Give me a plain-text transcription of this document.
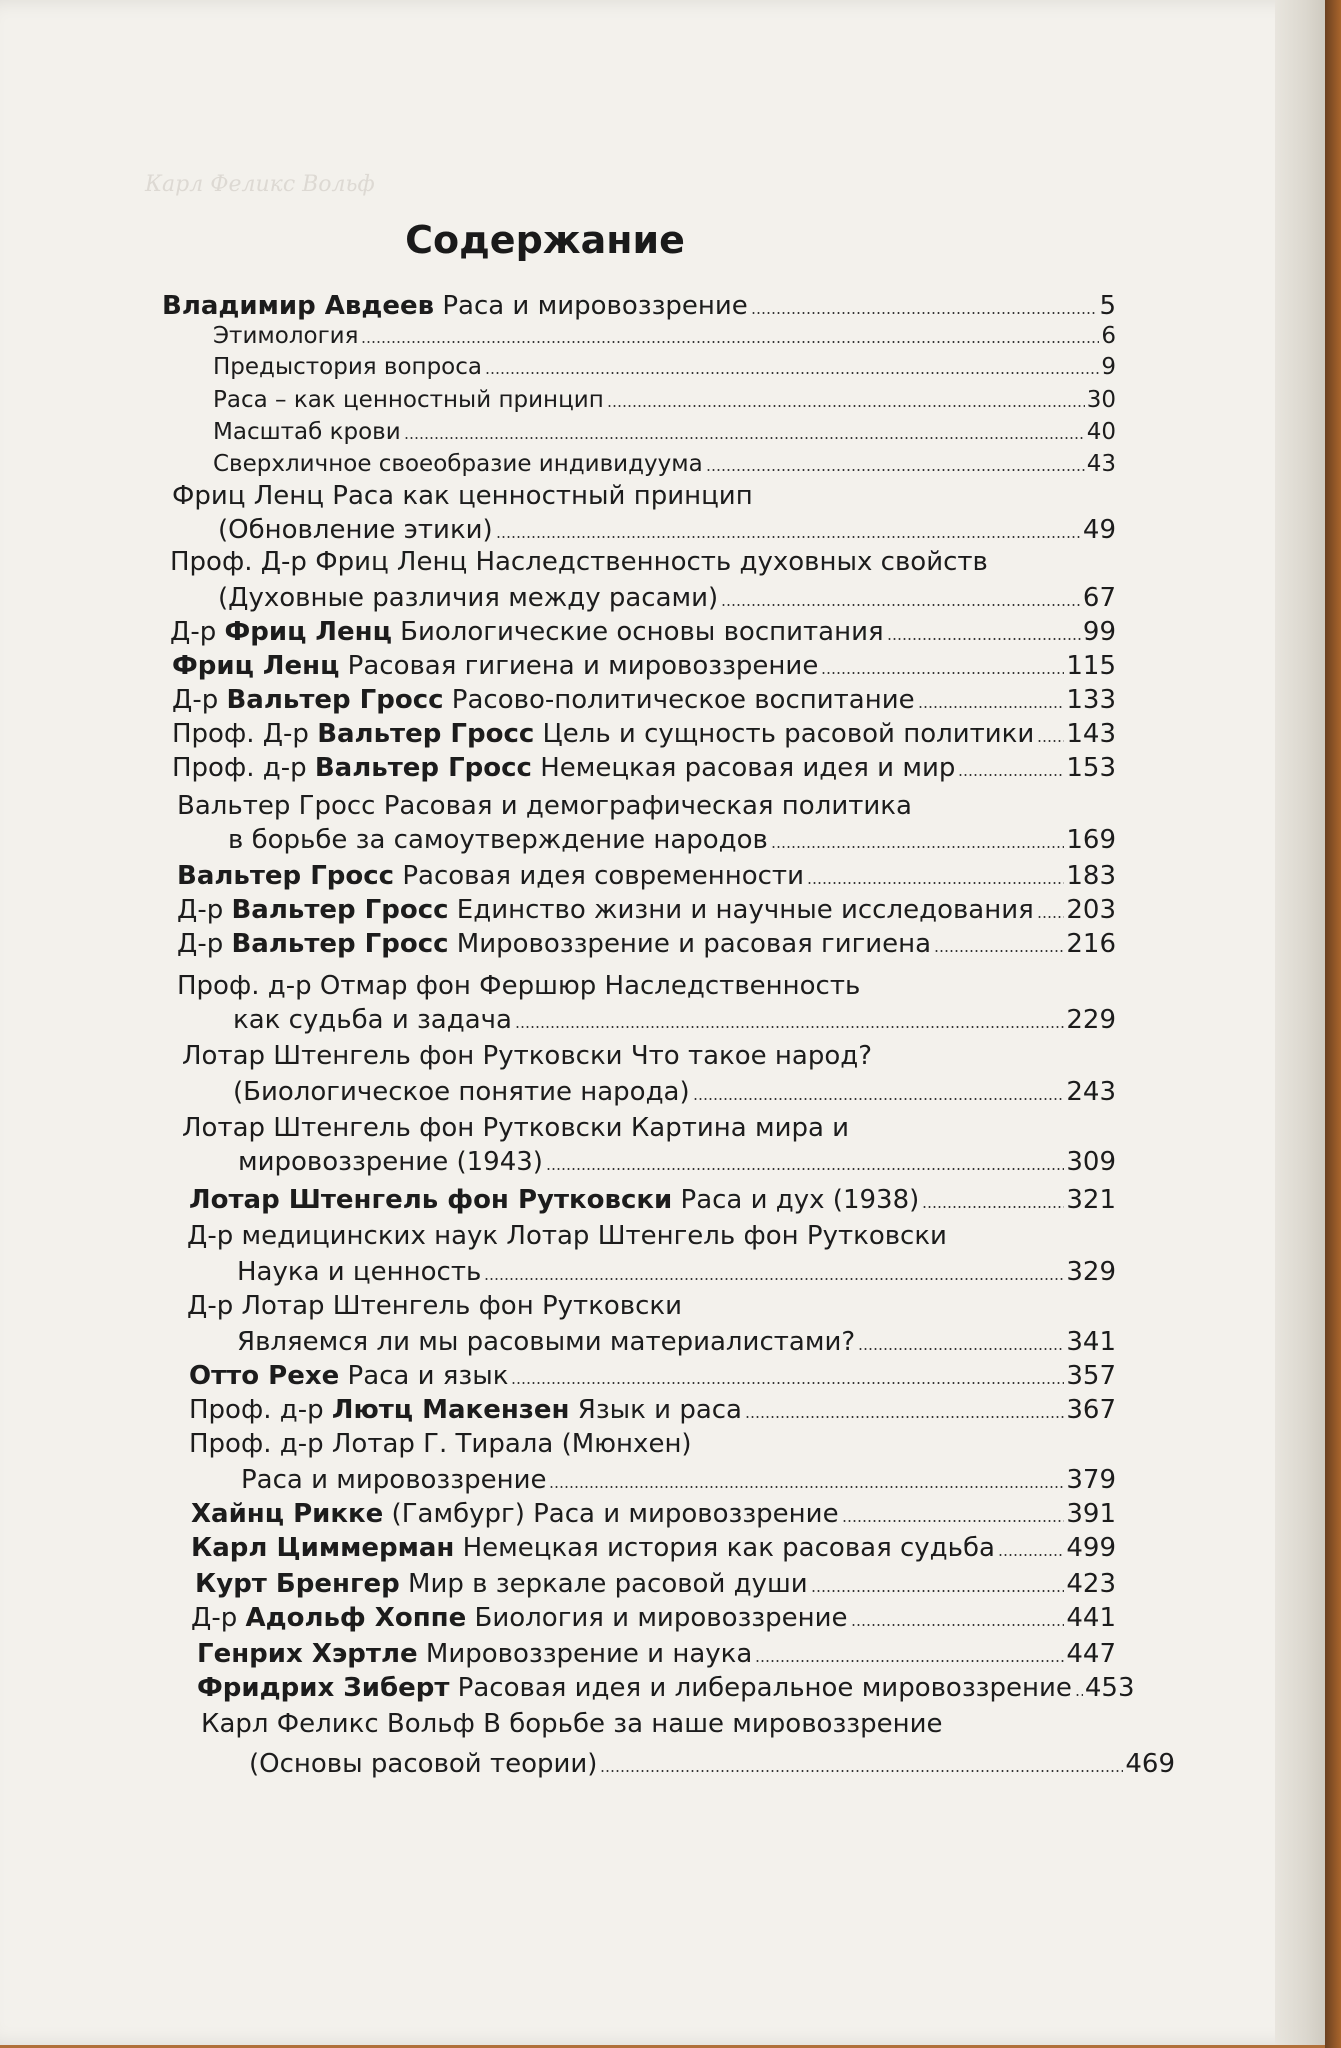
Карл Феликс Вольф
Содержание
Владимир Авдеев Раса и мировоззрение	5
Этимология	6
Предыстория вопроса	9
Раса – как ценностный принцип	30
Масштаб крови	40
Сверхличное своеобразие индивидуума	43
Фриц Ленц Раса как ценностный принцип
(Обновление этики)	49
Проф. Д-р Фриц Ленц Наследственность духовных свойств
(Духовные различия между расами)	67
Д-р Фриц Ленц Биологические основы воспитания	99
Фриц Ленц Расовая гигиена и мировоззрение	115
Д-р Вальтер Гросс Расово-политическое воспитание	133
Проф. Д-р Вальтер Гросс Цель и сущность расовой политики 143
Проф. д-р Вальтер Гросс Немецкая расовая идея и мир	153
Вальтер Гросс Расовая и демографическая политика
в борьбе за самоутверждение народов	169
Вальтер Гросс Расовая идея современности	183
Д-р Вальтер Гросс Единство жизни и научные исследования 203
Д-р Вальтер Гросс Мировоззрение и расовая гигиена	216
Проф. д-р Отмар фон Фершюр Наследственность
как судьба и задача	229
Лотар Штенгель фон Рутковски Что такое народ?
(Биологическое понятие народа)	243
Лотар Штенгель фон Рутковски Картина мира и
мировоззрение (1943)	309
Лотар Штенгель фон Рутковски Раса и дух (1938)	321
Д-р медицинских наук Лотар Штенгель фон Рутковски
Наука и ценность	329
Д-р Лотар Штенгель фон Рутковски
Являемся ли мы расовыми материалистами?	341
Отто Рехе Раса и язык	357
Проф. д-р Лютц Макензен Язык и раса	367
Проф. д-р Лотар Г. Тирала (Мюнхен)
Раса и мировоззрение	379
Хайнц Рикке (Гамбург) Раса и мировоззрение	391
Карл Циммерман Немецкая история как расовая судьба	499
Курт Бренгер Мир в зеркале расовой души	423
Д-р Адольф Хоппе Биология и мировоззрение	441
Генрих Хэртле Мировоззрение и наука	447
Фридрих Зиберт Расовая идея и либеральное мировоззрение 453
Карл Феликс Вольф В борьбе за наше мировоззрение
(Основы расовой теории)	469
